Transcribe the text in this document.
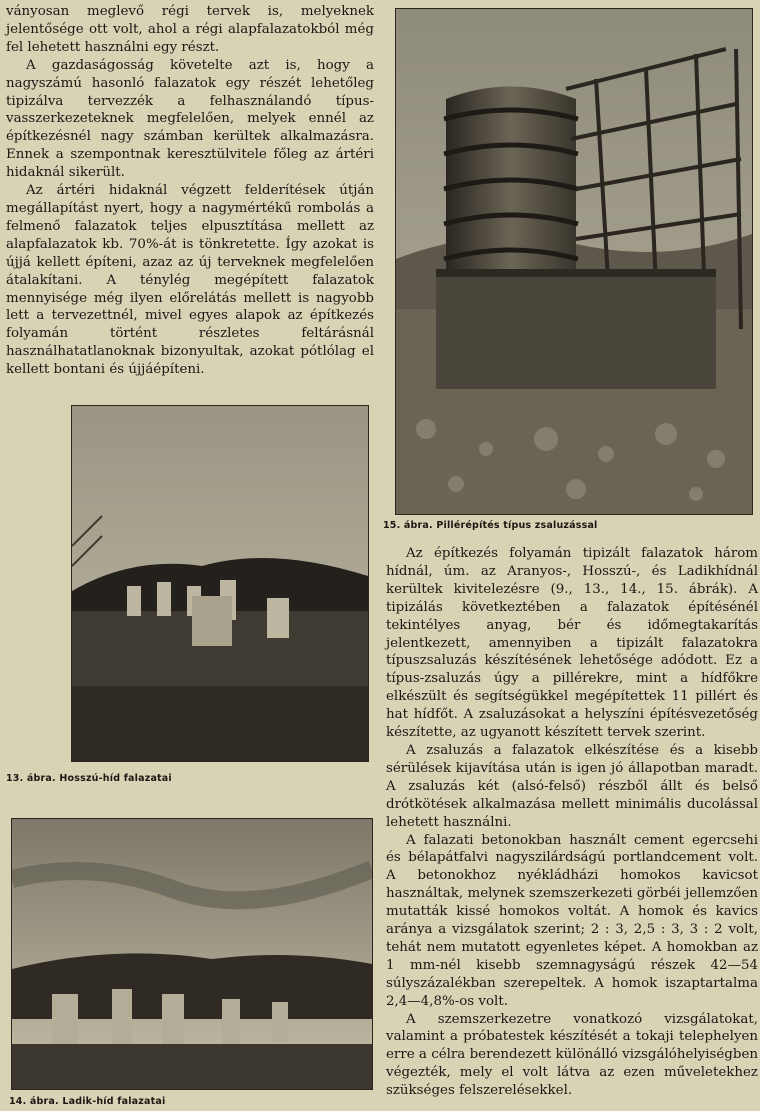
ványosan meglevő régi tervek is, melyeknek jelentősége ott volt, ahol a régi alapfalazatokból még fel lehetett használni egy részt.

A gazdaságosság követelte azt is, hogy a nagyszámú hasonló falazatok egy részét lehetőleg tipizálva tervezzék a felhasználandó típus-vasszerkezeteknek megfelelően, melyek ennél az építkezésnél nagy számban kerültek alkalmazásra. Ennek a szempontnak keresztülvitele főleg az ártéri hidaknál sikerült.

Az ártéri hidaknál végzett felderítések útján megállapítást nyert, hogy a nagymértékű rombolás a felmenő falazatok teljes elpusztítása mellett az alapfalazatok kb. 70%-át is tönkretette. Így azokat is újjá kellett építeni, azaz az új terveknek megfelelően átalakítani. A ténylég megépített falazatok mennyisége még ilyen előrelátás mellett is nagyobb lett a tervezettnél, mivel egyes alapok az építkezés folyamán történt részletes feltárásnál használhatatlanoknak bizonyultak, azokat pótlólag el kellett bontani és újjáépíteni.

15. ábra. Pillérépítés típus zsaluzással
13. ábra. Hosszú-híd falazatai
14. ábra. Ladik-híd falazatai

Az építkezés folyamán tipizált falazatok három hídnál, úm. az Aranyos-, Hosszú-, és Ladikhídnál kerültek kivitelezésre (9., 13., 14., 15. ábrák). A tipizálás következtében a falazatok építésénél tekintélyes anyag, bér és időmegtakarítás jelentkezett, amennyiben a tipizált falazatokra típuszsaluzás készítésének lehetősége adódott. Ez a típus-zsaluzás úgy a pillérekre, mint a hídfőkre elkészült és segítségükkel megépítettek 11 pillért és hat hídfőt. A zsaluzásokat a helyszíni építésvezetőség készítette, az ugyanott készített tervek szerint.

A zsaluzás a falazatok elkészítése és a kisebb sérülések kijavítása után is igen jó állapotban maradt. A zsaluzás két (alsó-felső) részből állt és belső drótkötések alkalmazása mellett minimális ducolással lehetett használni.

A falazati betonokban használt cement egercsehi és bélapátfalvi nagyszilárdságú portlandcement volt. A betonokhoz nyékládházi homokos kavicsot használtak, melynek szemszerkezeti görbéi jellemzően mutatták kissé homokos voltát. A homok és kavics aránya a vizsgálatok szerint; 2 : 3, 2,5 : 3, 3 : 2 volt, tehát nem mutatott egyenletes képet. A homokban az 1 mm-nél kisebb szemnagyságú részek 42—54 súlyszázalékban szerepeltek. A homok iszaptartalma 2,4—4,8%-os volt.

A szemszerkezetre vonatkozó vizsgálatokat, valamint a próbatestek készítését a tokaji telephelyen erre a célra berendezett különálló vizsgálóhelyiségben végezték, mely el volt látva az ezen műveletekhez szükséges felszerelésekkel.
